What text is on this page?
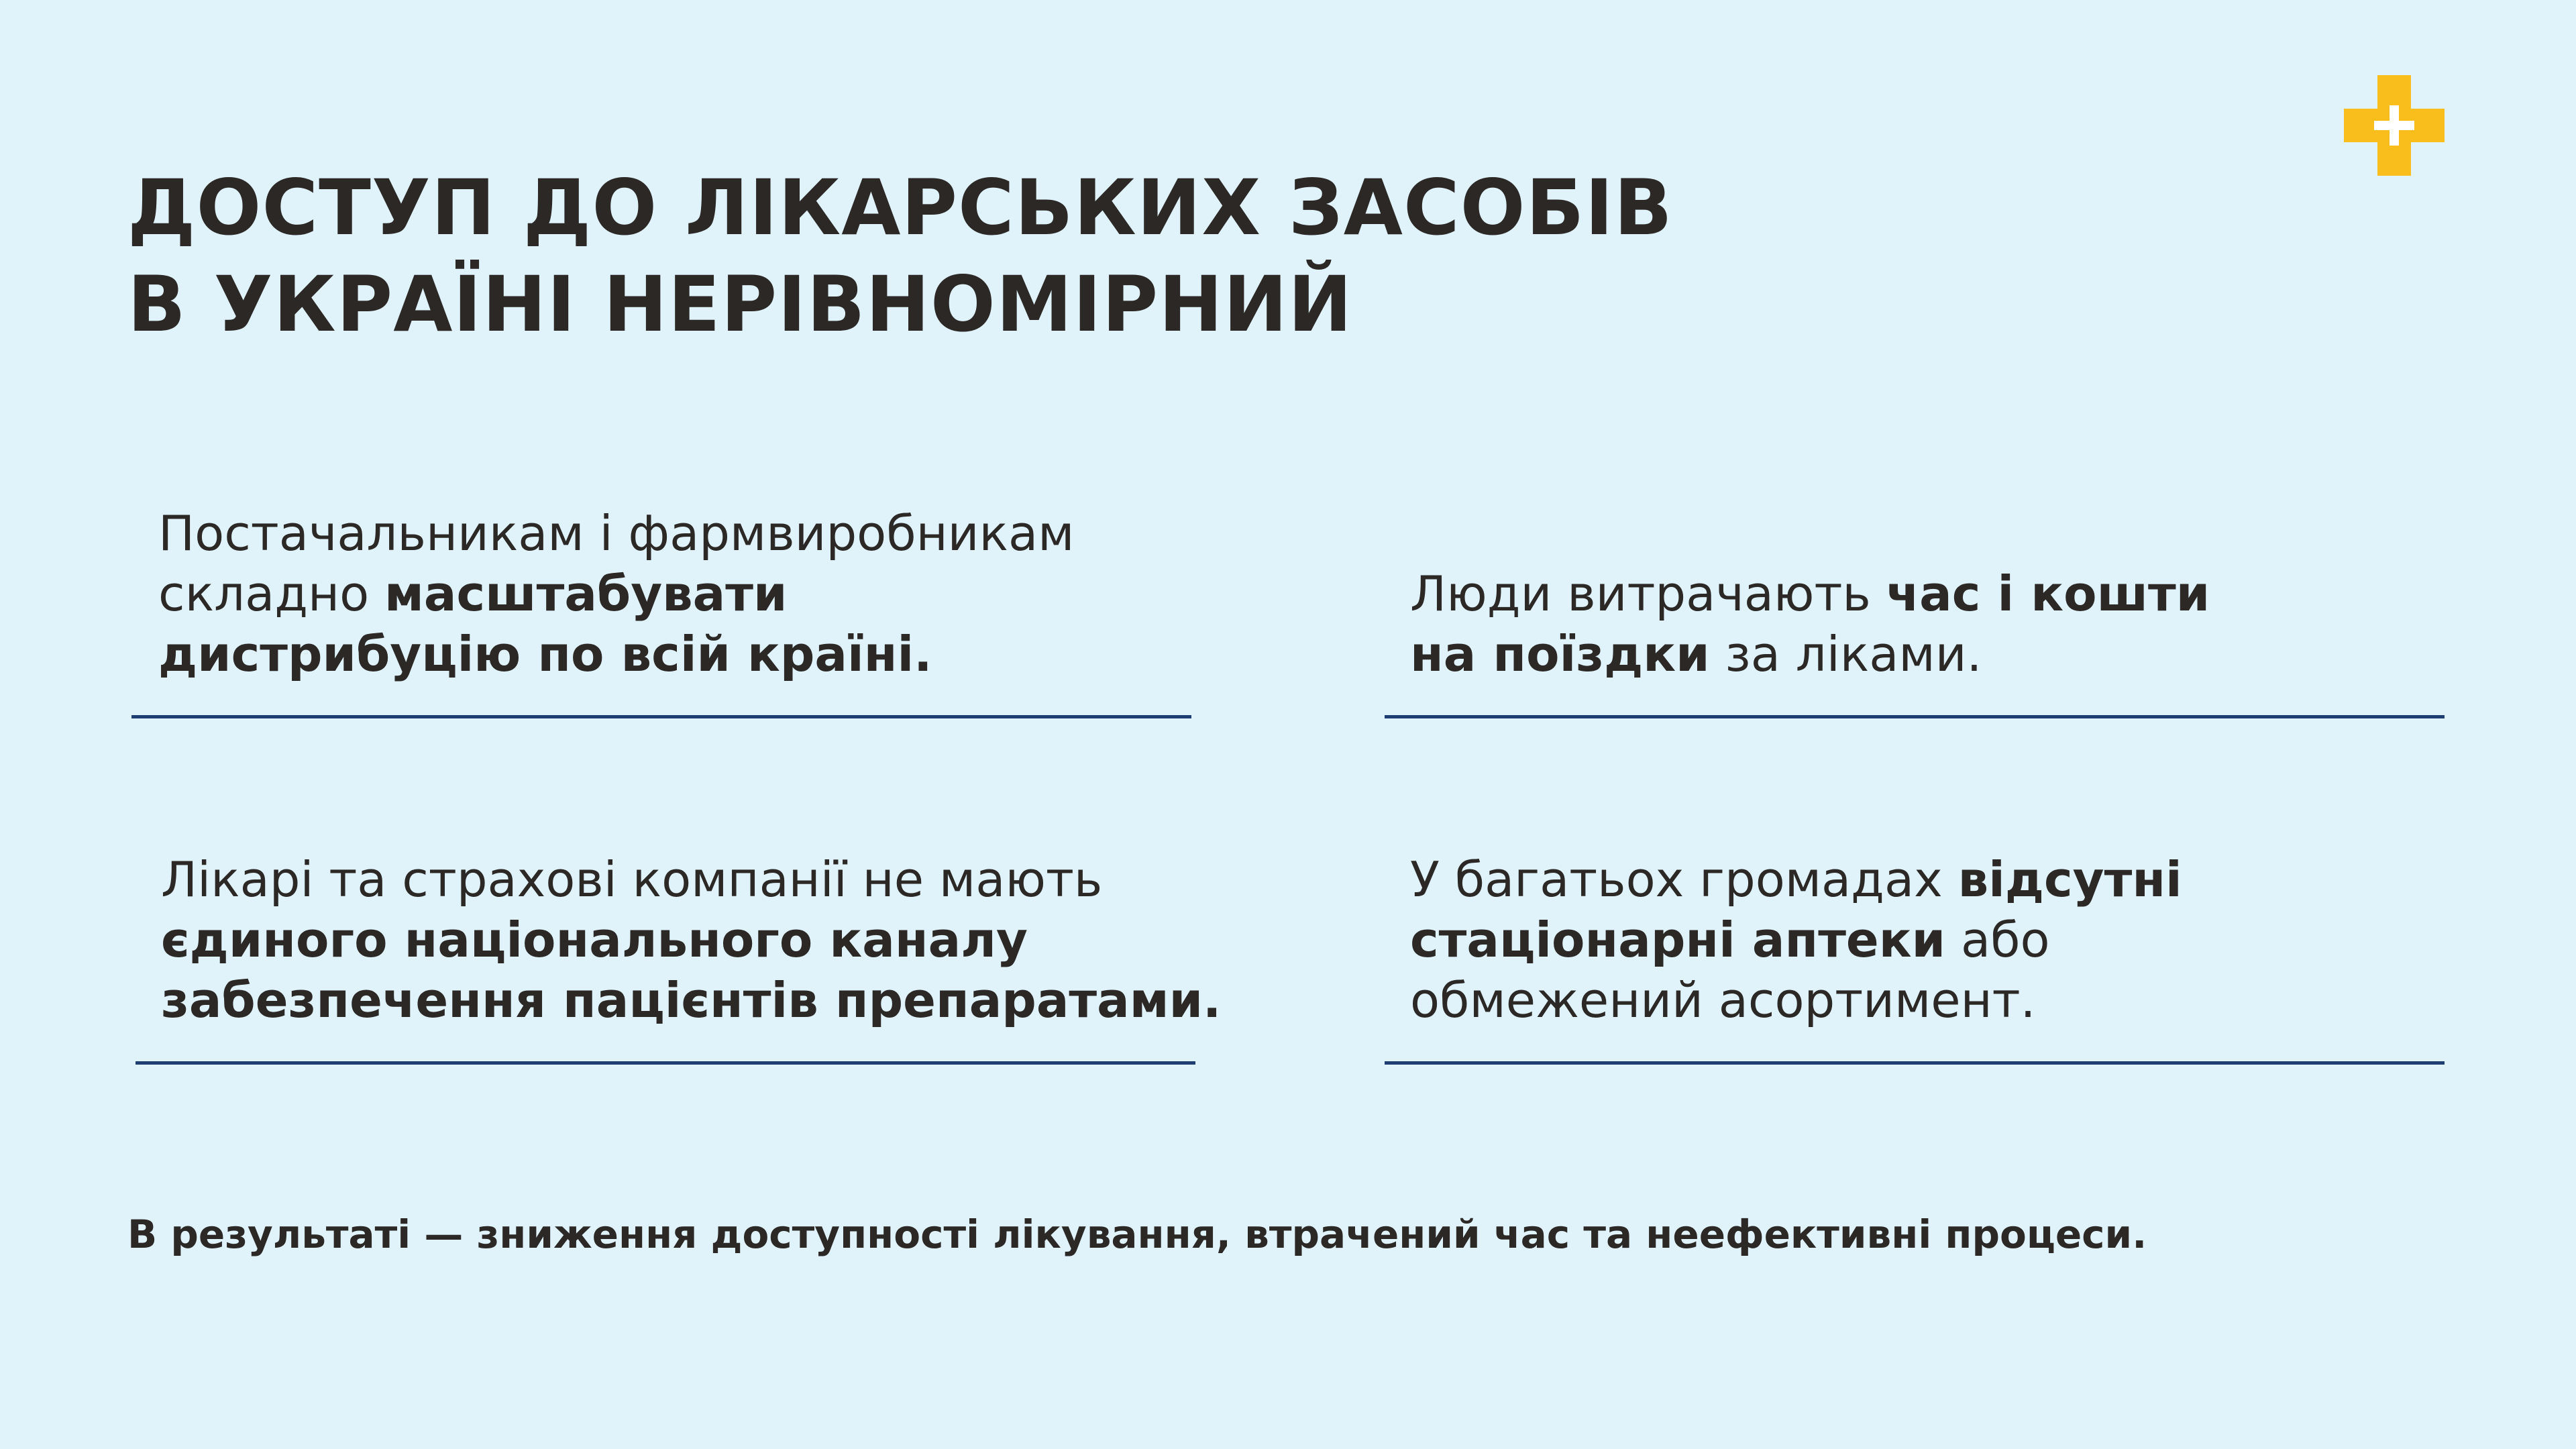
ДОСТУП ДО ЛІКАРСЬКИХ ЗАСОБІВ
В УКРАЇНІ НЕРІВНОМІРНИЙ
Постачальникам і фармвиробникам
складно масштабувати
дистрибуцію по всій країні.
Люди витрачають час і кошти
на поїздки за ліками.
Лікарі та страхові компанії не мають
єдиного національного каналу
забезпечення пацієнтів препаратами.
У багатьох громадах відсутні
стаціонарні аптеки або
обмежений асортимент.

В результаті — зниження доступності лікування, втрачений час та неефективні процеси.
